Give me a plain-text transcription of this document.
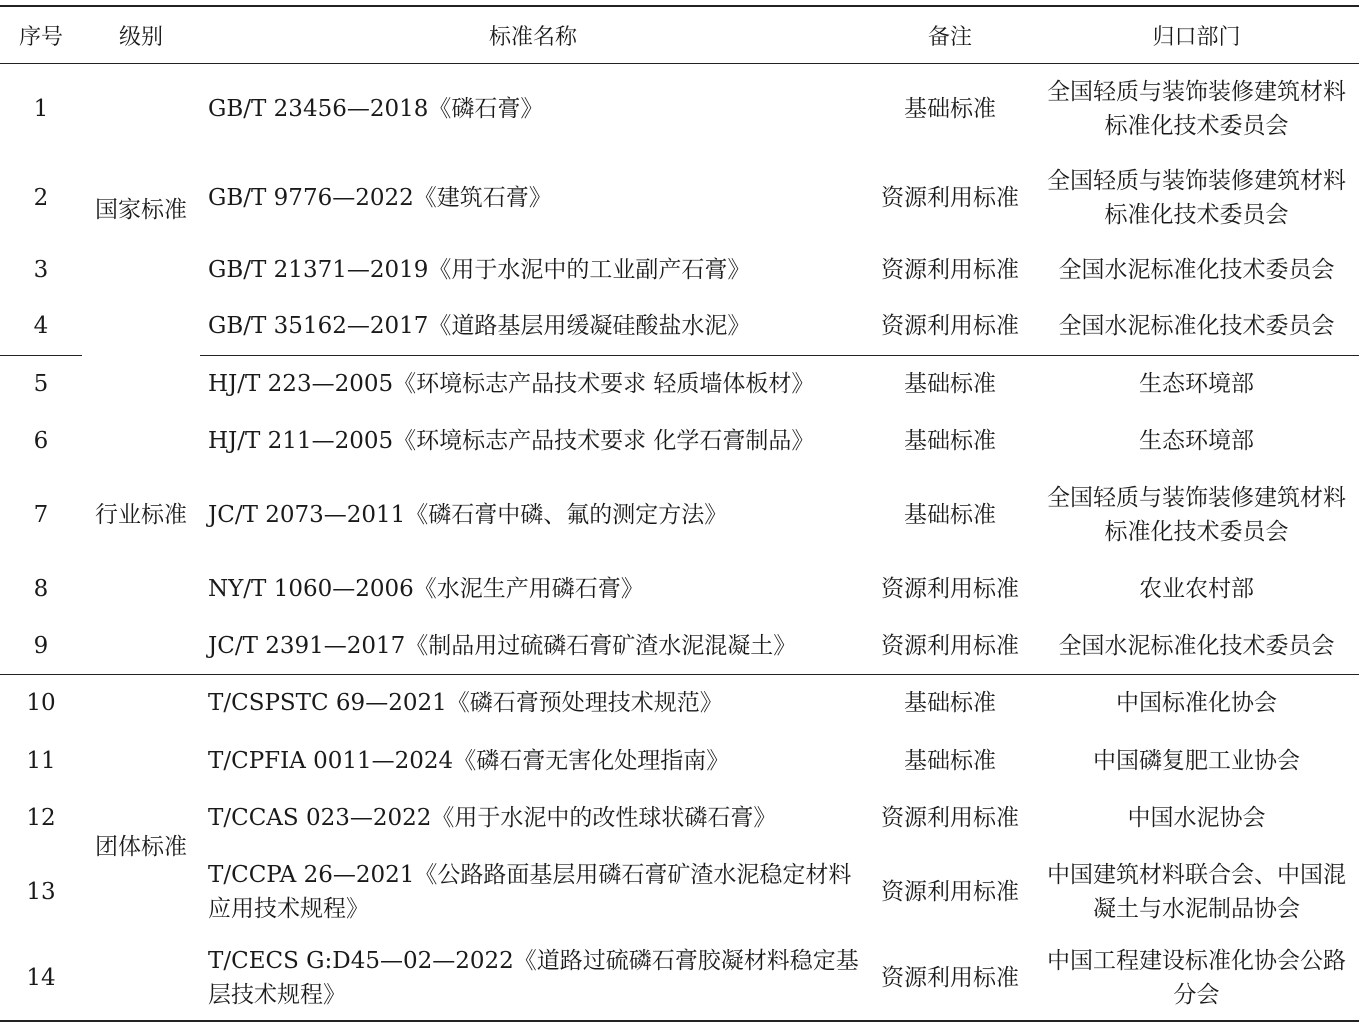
序号	级别	标准名称	备注	归口部门
1	国家标准	GB/T 23456—2018《磷石膏》	基础标准	全国轻质与装饰装修建筑材料标准化技术委员会
2		GB/T 9776—2022《建筑石膏》	资源利用标准	全国轻质与装饰装修建筑材料标准化技术委员会
3		GB/T 21371—2019《用于水泥中的工业副产石膏》	资源利用标准	全国水泥标准化技术委员会
4		GB/T 35162—2017《道路基层用缓凝硅酸盐水泥》	资源利用标准	全国水泥标准化技术委员会
5	行业标准	HJ/T 223—2005《环境标志产品技术要求 轻质墙体板材》	基础标准	生态环境部
6		HJ/T 211—2005《环境标志产品技术要求 化学石膏制品》	基础标准	生态环境部
7		JC/T 2073—2011《磷石膏中磷、氟的测定方法》	基础标准	全国轻质与装饰装修建筑材料标准化技术委员会
8		NY/T 1060—2006《水泥生产用磷石膏》	资源利用标准	农业农村部
9		JC/T 2391—2017《制品用过硫磷石膏矿渣水泥混凝土》	资源利用标准	全国水泥标准化技术委员会
10	团体标准	T/CSPSTC 69—2021《磷石膏预处理技术规范》	基础标准	中国标准化协会
11		T/CPFIA 0011—2024《磷石膏无害化处理指南》	基础标准	中国磷复肥工业协会
12		T/CCAS 023—2022《用于水泥中的改性球状磷石膏》	资源利用标准	中国水泥协会
13		T/CCPA 26—2021《公路路面基层用磷石膏矿渣水泥稳定材料应用技术规程》	资源利用标准	中国建筑材料联合会、中国混凝土与水泥制品协会
14		T/CECS G:D45—02—2022《道路过硫磷石膏胶凝材料稳定基层技术规程》	资源利用标准	中国工程建设标准化协会公路分会
